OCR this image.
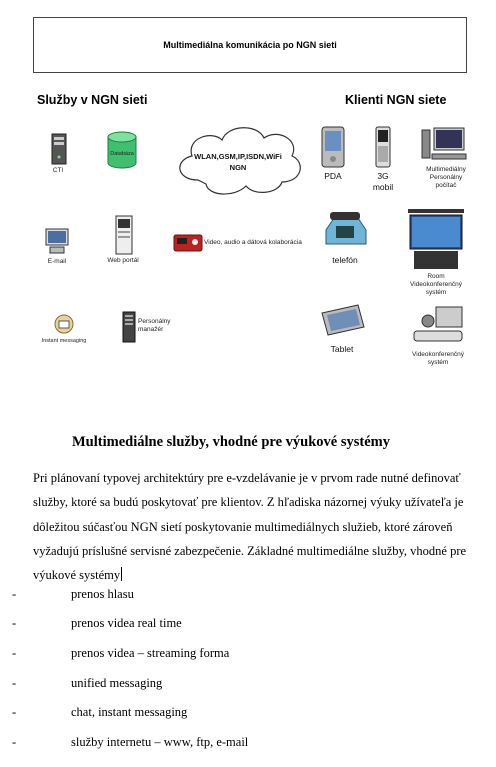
Multimediálna komunikácia po NGN sieti
Služby v NGN sieti	Klienti NGN siete
WLAN,GSM,IP,ISDN,WiFi
NGN
CTI
Databáza
E-mail	Web portál
Video, audio a dátová kolaborácia
Instant messaging
Personálny
manažér
PDA	3G
mobil
Multimediálny
Personálny
počítač
telefón
Room
Videokonferenčný
systém
Tablet
Videokonferenčný
systém
Multimediálne služby, vhodné pre výukové systémy
Pri plánovaní typovej architektúry pre e-vzdelávanie je v prvom rade nutné definovať
služby, ktoré sa budú poskytovať pre klientov. Z hľadiska názornej výuky užívateľa je
dôležitou súčasťou NGN sietí poskytovanie multimediálnych služieb, ktoré zároveň
vyžadujú príslušné servisné zabezpečenie. Základné multimediálne služby, vhodné pre
výukové systémy
-	prenos hlasu
-	prenos videa real time
-	prenos videa – streaming forma
-	unified messaging
-	chat, instant messaging
-	služby internetu – www, ftp, e-mail
